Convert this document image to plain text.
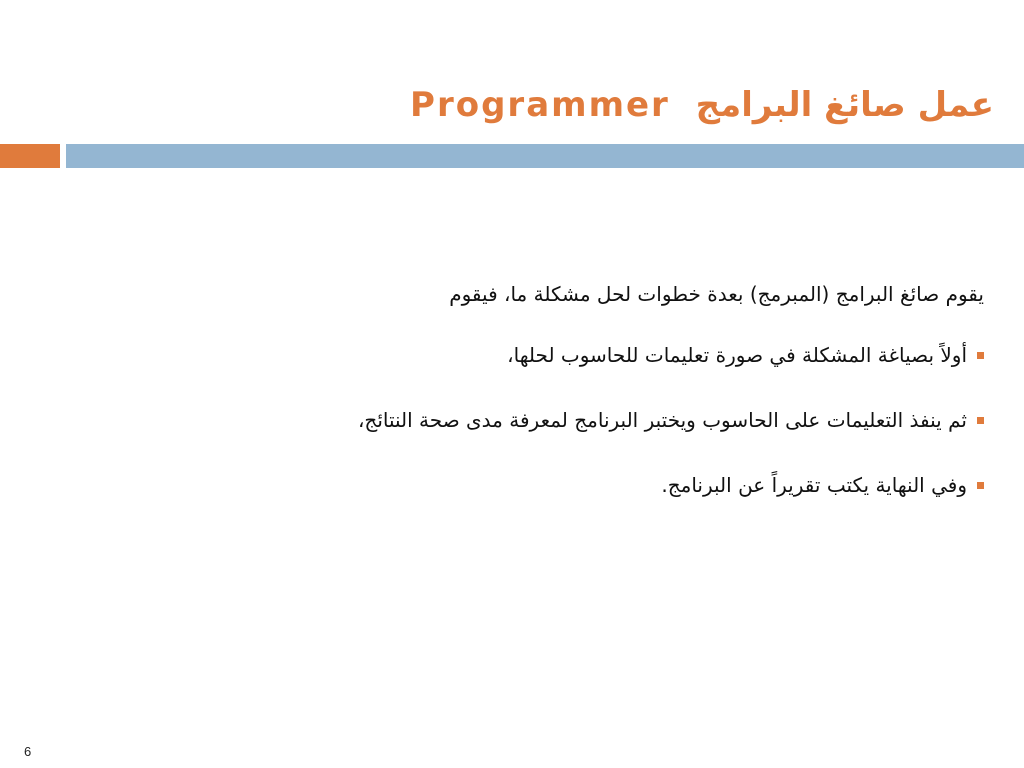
عمل صائغ البرامج Programmer
يقوم صائغ البرامج (المبرمج) بعدة خطوات لحل مشكلة ما، فيقوم
أولاً بصياغة المشكلة في صورة تعليمات للحاسوب لحلها،
ثم ينفذ التعليمات على الحاسوب ويختبر البرنامج لمعرفة مدى صحة النتائج،
وفي النهاية يكتب تقريراً عن البرنامج.
6
